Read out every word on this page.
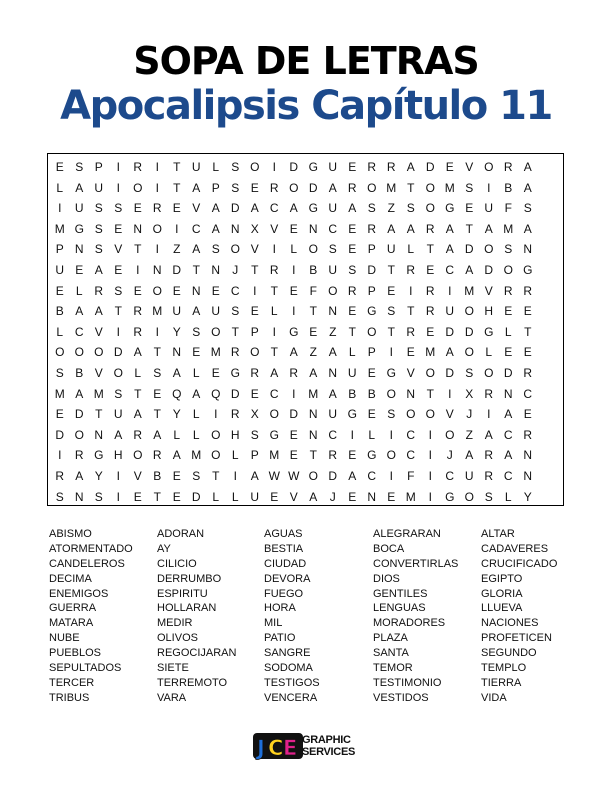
SOPA DE LETRAS
Apocalipsis Capítulo 11
E S P	I	R	I	T U L	S O	I	D G U E R R A D E V O R A
L	A U	I	O	I	T A P S E R O D A R O M T O M S	I	B A
I	U S S E R E V A D A C A G U A S Z S O G E U F S
M G S E N O	I	C A N X V E N C E R A A R A T A M A
P N S V T	I	Z A S O V	I	L O S E P U L	T A D O S N
U E A E	I	N D T N	J	T R	I	B U S D T R E C A D O G
E	L R S E O E N E C	I	T E F O R P E	I	R	I	M V R R
B A A T R M U A U S E	L	I	T N E G S T R U O H E E
L C V	I	R	I	Y S O T P	I	G E Z	T O T R E D D G L	T
O O O D A T N E M R O T A Z A	L	P	I	E M A O L	E E
S B V O L	S A	L	E G R A R A N U E G V O D S O D R
M A M S T E Q A Q D E C	I	M A B B O N T	I	X R N C
E D T U A T Y	L	I	R X O D N U G E S O O V	J	I	A E
D O N A R A	L	L O H S G E N C	I	L	I	C	I	O Z A C R
I	R G H O R A M O L	P M E T R E G O C	I	J	A R A N
R A Y	I	V B E S T	I	A W W O D A C	I	F	I	C U R C N
S N S	I	E T E D L	L U E V A	J	E N E M	I	G O S	L	Y
ABISMO
ATORMENTADO
CANDELEROS
DECIMA
ENEMIGOS
GUERRA
MATARA
NUBE
PUEBLOS
SEPULTADOS
TERCER
TRIBUS
ADORAN
AY
CILICIO
DERRUMBO
ESPIRITU
HOLLARAN
MEDIR
OLIVOS
REGOCIJARAN
SIETE
TERREMOTO
VARA
AGUAS
BESTIA
CIUDAD
DEVORA
FUEGO
HORA
MIL
PATIO
SANGRE
SODOMA
TESTIGOS
VENCERA
ALEGRARAN
BOCA
CONVERTIRLAS
DIOS
GENTILES
LENGUAS
MORADORES
PLAZA
SANTA
TEMOR
TESTIMONIO
VESTIDOS
ALTAR
CADAVERES
CRUCIFICADO
EGIPTO
GLORIA
LLUEVA
NACIONES
PROFETICEN
SEGUNDO
TEMPLO
TIERRA
VIDA
J C E GRAPHIC
SERVICES
